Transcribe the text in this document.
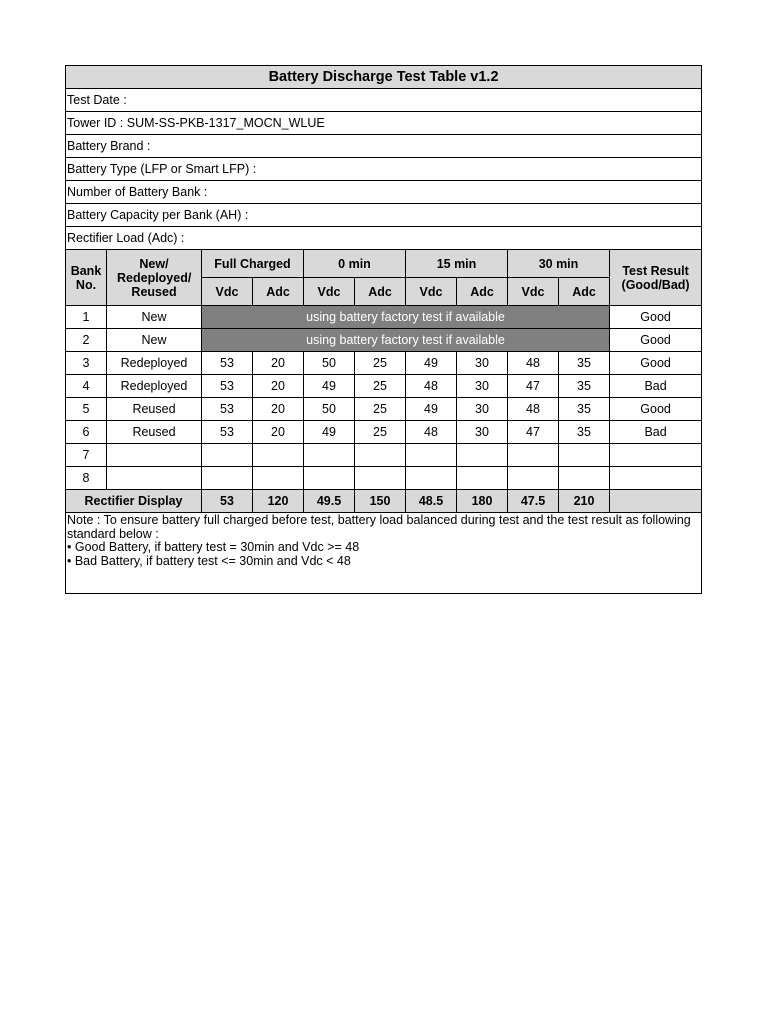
Battery Discharge Test Table v1.2										
Test Date :										
Tower ID : SUM-SS-PKB-1317_MOCN_WLUE										
Battery Brand :										
Battery Type (LFP or Smart LFP) :										
Number of Battery Bank :										
Battery Capacity per Bank (AH) :										
Rectifier Load (Adc) :										
Bank No.	New/ Redeployed/ Reused	Full Charged		0 min		15 min		30 min		Test Result (Good/Bad)
		Vdc	Adc	Vdc	Adc	Vdc	Adc	Vdc	Adc	
1	New	using battery factory test if available								Good
2	New	using battery factory test if available								Good
3	Redeployed	53	20	50	25	49	30	48	35	Good
4	Redeployed	53	20	49	25	48	30	47	35	Bad
5	Reused	53	20	50	25	49	30	48	35	Good
6	Reused	53	20	49	25	48	30	47	35	Bad
7										
8										
Rectifier Display		53	120	49.5	150	48.5	180	47.5	210	

Note : To ensure battery full charged before test, battery load balanced during test and the test result as following standard below :
• Good Battery, if battery test = 30min and Vdc >= 48
• Bad Battery, if battery test <= 30min and Vdc < 48										
